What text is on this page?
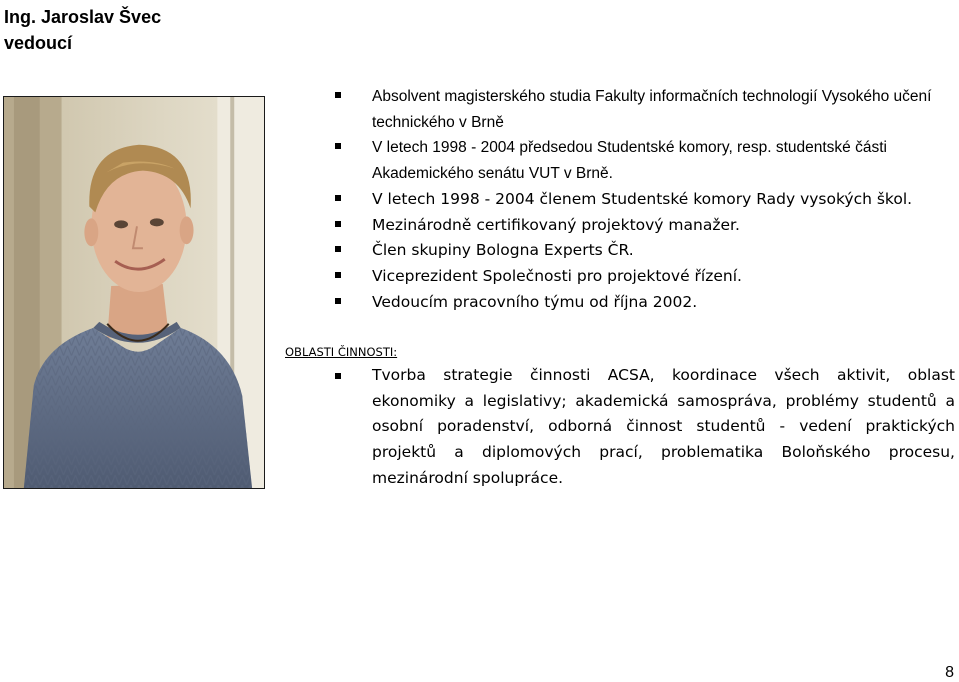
Ing. Jaroslav Švec
vedoucí
Absolvent magisterského studia Fakulty informačních technologií Vysokého učení technického v Brně
V letech 1998 - 2004 předsedou Studentské komory, resp. studentské části Akademického senátu VUT v Brně.
V letech 1998 - 2004 členem Studentské komory Rady vysokých škol.
Mezinárodně certifikovaný projektový manažer.
Člen skupiny Bologna Experts ČR.
Viceprezident Společnosti pro projektové řízení.
Vedoucím pracovního týmu od října 2002.
OBLASTI ČINNOSTI:
Tvorba strategie činnosti ACSA, koordinace všech aktivit, oblast ekonomiky a legislativy; akademická samospráva, problémy studentů a osobní poradenství, odborná činnost studentů - vedení praktických projektů a diplomových prací, problematika Boloňského procesu, mezinárodní spolupráce.
8
